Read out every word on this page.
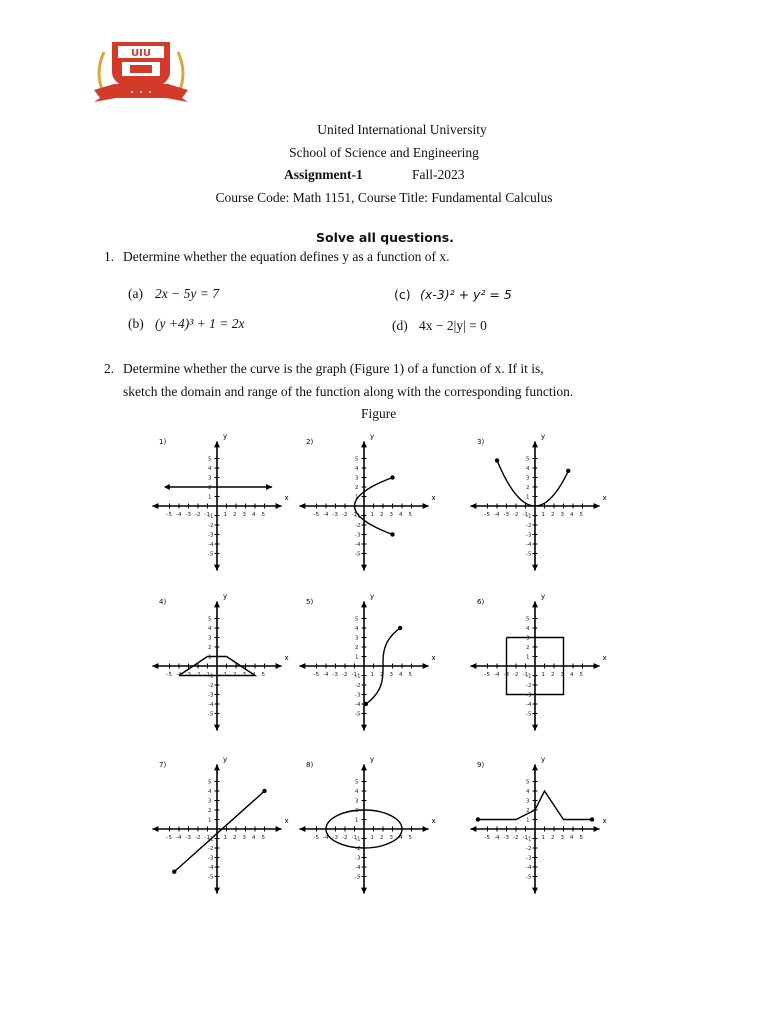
UIU
United International University
School of Science and Engineering
Assignment-1	Fall-2023
Course Code: Math 1151, Course Title: Fundamental Calculus
Solve all questions.
1. Determine whether the equation defines y as a function of x.
(a) 2x − 5y = 7	(c) (x-3)² + y² = 5
(b) (y +4)³ + 1 = 2x	(d) 4x − 2|y| = 0
2. Determine whether the curve is the graph (Figure 1) of a function of x. If it is,
sketch the domain and range of the function along with the corresponding function.
Figure
1)
x
y
-5
-5
-4
-4
-3
-3
-2
-2
-1
-1 1
1
2
2
3
3
4
4
5
5
2)
x
y
-5
-5
-4
-4
-3
-3
-2
-2
-1
-1 1
1
2
2
3
3
4
4
5
5
3)
x
y
-5
-5
-4
-4
-3
-3
-2
-2
-1
-1 1
1
2
2
3
3
4
4
5
5
4)
x
y
-5
-5
-4
-4
-3
-3
-2
-2
-1
-1 1
1
2
2
3
3
4
4
5
5
5)
x
y
-5
-5
-4
-4
-3
-3
-2
-2
-1
-1 1
1
2
2
3
3
4
4
5
5
6)
x
y
-5
-5
-4
-4
-3
-3
-2
-2
-1
-1 1
1
2
2
3
3
4
4
5
5
7)
x
y
-5
-5
-4
-4
-3
-3
-2
-2
-1
-1 1
1
2
2
3
3
4
4
5
5
8)
x
y
-5
-5
-4
-4
-3
-3
-2
-2
-1
-1 1
1
2
2
3
3
4
4
5
5
9)
x
y
-5
-5
-4
-4
-3
-3
-2
-2
-1
-1 1
1
2
2
3
3
4
4
5
5
